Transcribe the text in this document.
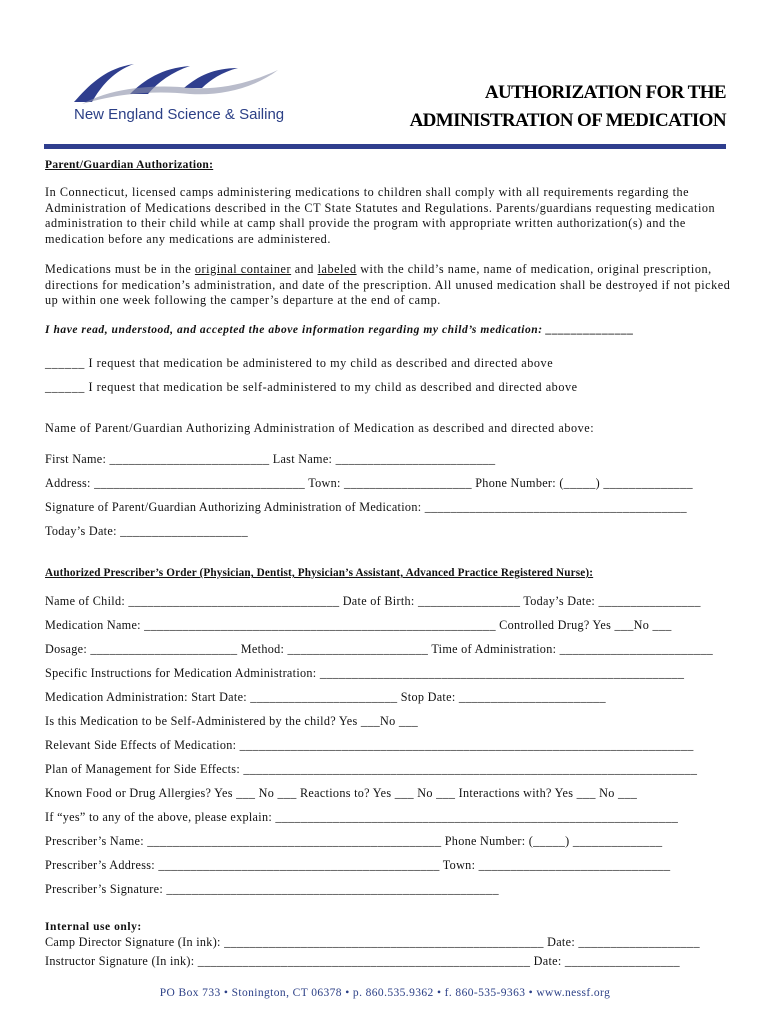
New England Science & Sailing
AUTHORIZATION FOR THE
ADMINISTRATION OF MEDICATION
Parent/Guardian Authorization:
In Connecticut, licensed camps administering medications to children shall comply with all requirements regarding the Administration of Medications described in the CT State Statutes and Regulations. Parents/guardians requesting medication administration to their child while at camp shall provide the program with appropriate written authorization(s) and the medication before any medications are administered.
Medications must be in the original container and labeled with the child’s name, name of medication, original prescription, directions for medication’s administration, and date of the prescription. All unused medication shall be destroyed if not picked up within one week following the camper’s departure at the end of camp.
I have read, understood, and accepted the above information regarding my child’s medication: ______________
______ I request that medication be administered to my child as described and directed above
______ I request that medication be self-administered to my child as described and directed above
Name of Parent/Guardian Authorizing Administration of Medication as described and directed above:
First Name: _________________________ Last Name: _________________________
Address: _________________________________ Town: ____________________ Phone Number: (_____) ______________
Signature of Parent/Guardian Authorizing Administration of Medication: _________________________________________
Today’s Date: ____________________
Authorized Prescriber’s Order (Physician, Dentist, Physician’s Assistant, Advanced Practice Registered Nurse):
Name of Child: _________________________________ Date of Birth: ________________ Today’s Date: ________________
Medication Name: _______________________________________________________ Controlled Drug? Yes ___No ___
Dosage: _______________________ Method: ______________________ Time of Administration: ________________________
Specific Instructions for Medication Administration: _________________________________________________________
Medication Administration: Start Date: _______________________ Stop Date: _______________________
Is this Medication to be Self-Administered by the child? Yes ___No ___
Relevant Side Effects of Medication: _______________________________________________________________________
Plan of Management for Side Effects: _______________________________________________________________________
Known Food or Drug Allergies? Yes ___ No ___ Reactions to? Yes ___ No ___ Interactions with? Yes ___ No ___
If “yes” to any of the above, please explain: _______________________________________________________________
Prescriber’s Name: ______________________________________________ Phone Number: (_____) ______________
Prescriber’s Address: ____________________________________________ Town: ______________________________
Prescriber’s Signature: ____________________________________________________
Internal use only:
Camp Director Signature (In ink): __________________________________________________ Date: ___________________
Instructor Signature (In ink): ____________________________________________________ Date: __________________
PO Box 733 • Stonington, CT 06378 • p. 860.535.9362 • f. 860-535-9363 • www.nessf.org
